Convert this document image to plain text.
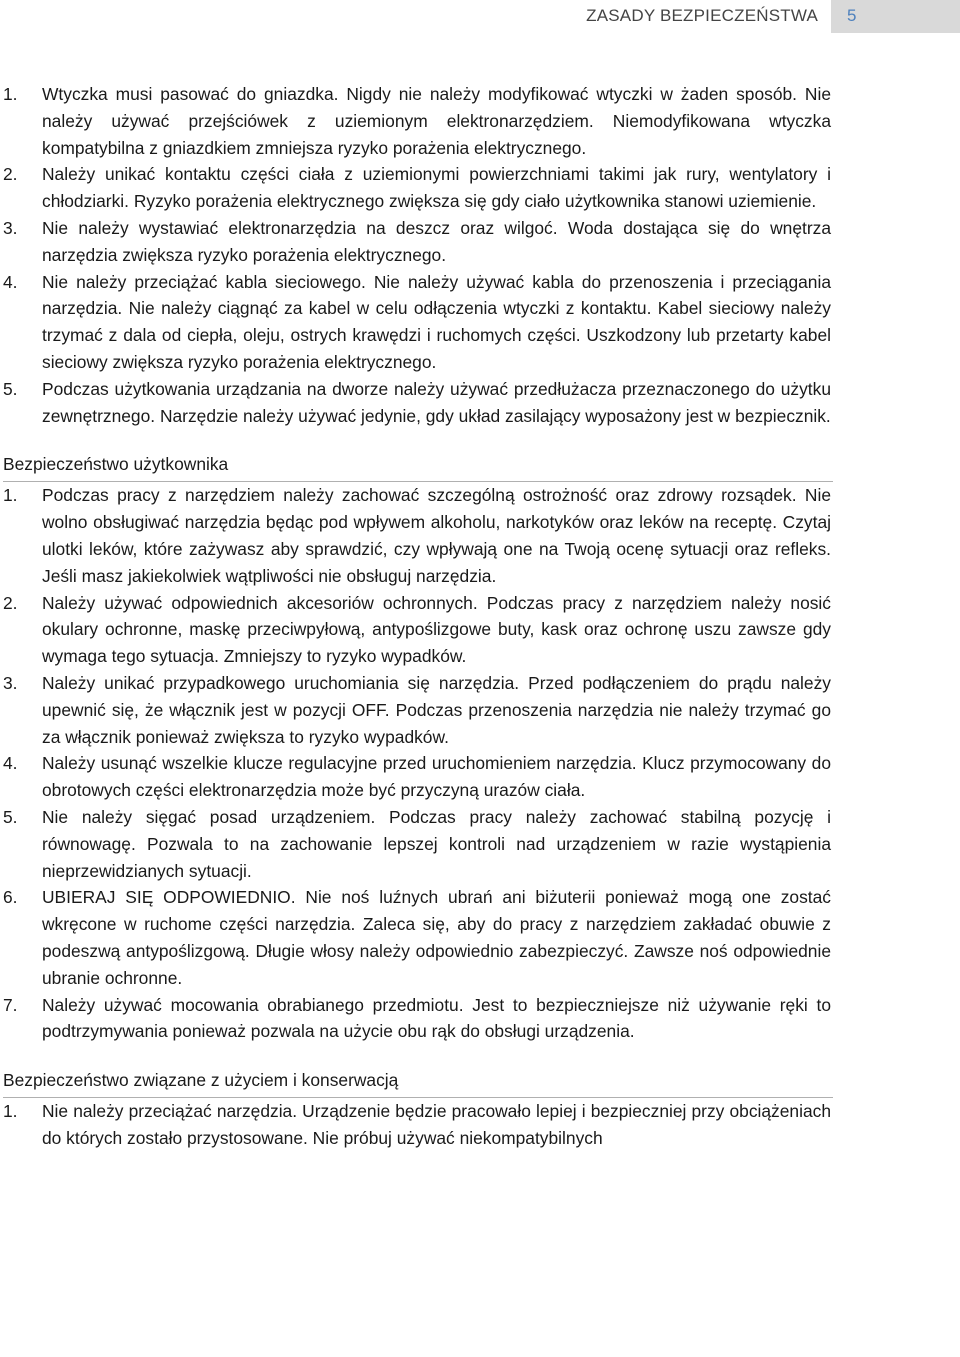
ZASADY BEZPIECZEŃSTWA 5
1. Wtyczka musi pasować do gniazdka. Nigdy nie należy modyfikować wtyczki w żaden sposób. Nie należy używać przejściówek z uziemionym elektronarzędziem. Niemodyfikowana wtyczka kompatybilna z gniazdkiem zmniejsza ryzyko porażenia elektrycznego.
2. Należy unikać kontaktu części ciała z uziemionymi powierzchniami takimi jak rury, wentylatory i chłodziarki. Ryzyko porażenia elektrycznego zwiększa się gdy ciało użytkownika stanowi uziemienie.
3. Nie należy wystawiać elektronarzędzia na deszcz oraz wilgoć. Woda dostająca się do wnętrza narzędzia zwiększa ryzyko porażenia elektrycznego.
4. Nie należy przeciążać kabla sieciowego. Nie należy używać kabla do przenoszenia i przeciągania narzędzia. Nie należy ciągnąć za kabel w celu odłączenia wtyczki z kontaktu. Kabel sieciowy należy trzymać z dala od ciepła, oleju, ostrych krawędzi i ruchomych części. Uszkodzony lub przetarty kabel sieciowy zwiększa ryzyko porażenia elektrycznego.
5. Podczas użytkowania urządzania na dworze należy używać przedłużacza przeznaczonego do użytku zewnętrznego. Narzędzie należy używać jedynie, gdy układ zasilający wyposażony jest w bezpiecznik.
Bezpieczeństwo użytkownika
1. Podczas pracy z narzędziem należy zachować szczególną ostrożność oraz zdrowy rozsądek. Nie wolno obsługiwać narzędzia będąc pod wpływem alkoholu, narkotyków oraz leków na receptę. Czytaj ulotki leków, które zażywasz aby sprawdzić, czy wpływają one na Twoją ocenę sytuacji oraz refleks. Jeśli masz jakiekolwiek wątpliwości nie obsługuj narzędzia.
2. Należy używać odpowiednich akcesoriów ochronnych. Podczas pracy z narzędziem należy nosić okulary ochronne, maskę przeciwpyłową, antypoślizgowe buty, kask oraz ochronę uszu zawsze gdy wymaga tego sytuacja. Zmniejszy to ryzyko wypadków.
3. Należy unikać przypadkowego uruchomiania się narzędzia. Przed podłączeniem do prądu należy upewnić się, że włącznik jest w pozycji OFF. Podczas przenoszenia narzędzia nie należy trzymać go za włącznik ponieważ zwiększa to ryzyko wypadków.
4. Należy usunąć wszelkie klucze regulacyjne przed uruchomieniem narzędzia. Klucz przymocowany do obrotowych części elektronarzędzia może być przyczyną urazów ciała.
5. Nie należy sięgać posad urządzeniem. Podczas pracy należy zachować stabilną pozycję i równowagę. Pozwala to na zachowanie lepszej kontroli nad urządzeniem w razie wystąpienia nieprzewidzianych sytuacji.
6. UBIERAJ SIĘ ODPOWIEDNIO. Nie noś luźnych ubrań ani biżuterii ponieważ mogą one zostać wkręcone w ruchome części narzędzia. Zaleca się, aby do pracy z narzędziem zakładać obuwie z podeszwą antypoślizgową. Długie włosy należy odpowiednio zabezpieczyć. Zawsze noś odpowiednie ubranie ochronne.
7. Należy używać mocowania obrabianego przedmiotu. Jest to bezpieczniejsze niż używanie ręki to podtrzymywania ponieważ pozwala na użycie obu rąk do obsługi urządzenia.
Bezpieczeństwo związane z użyciem i konserwacją
1. Nie należy przeciążać narzędzia. Urządzenie będzie pracowało lepiej i bezpieczniej przy obciążeniach do których zostało przystosowane. Nie próbuj używać niekompatybilnych
